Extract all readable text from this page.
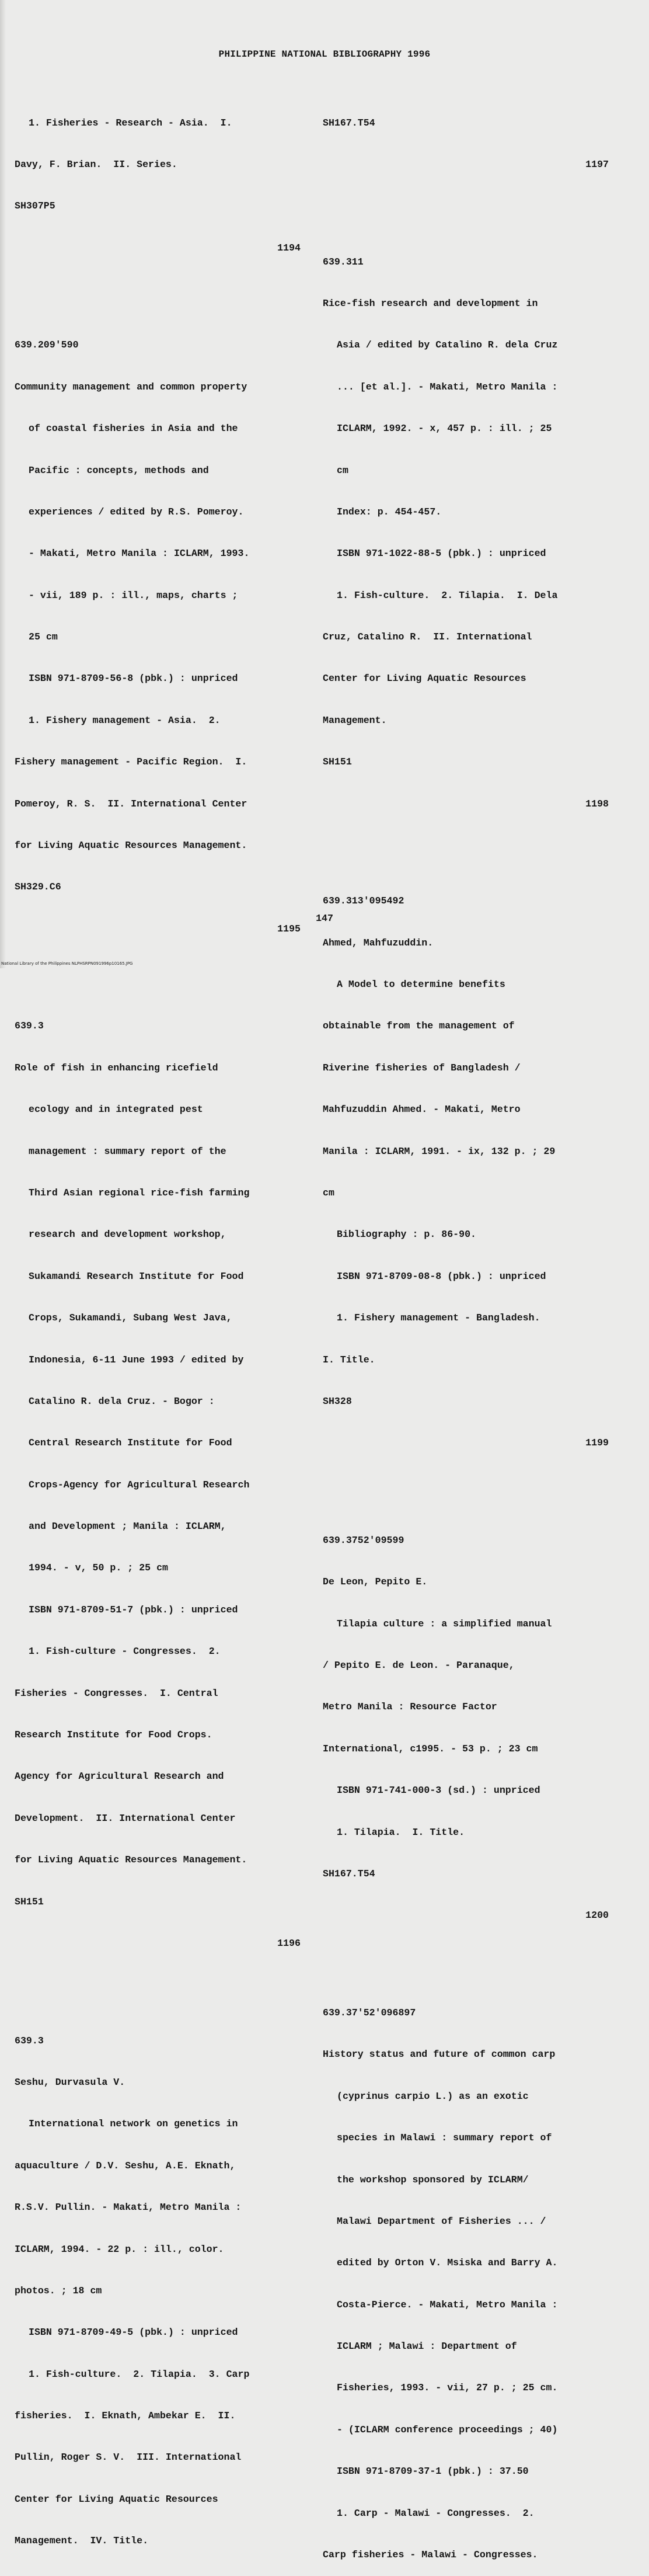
PHILIPPINE NATIONAL BIBLIOGRAPHY 1996

1. Fisheries - Research - Asia.  I.

Davy, F. Brian.  II. Series.

SH307P5

1194

639.209'590

Community management and common property

of coastal fisheries in Asia and the

Pacific : concepts, methods and

experiences / edited by R.S. Pomeroy.

- Makati, Metro Manila : ICLARM, 1993.

- vii, 189 p. : ill., maps, charts ;

25 cm

ISBN 971-8709-56-8 (pbk.) : unpriced

1. Fishery management - Asia.  2.

Fishery management - Pacific Region.  I.

Pomeroy, R. S.  II. International Center

for Living Aquatic Resources Management.

SH329.C6

1195

639.3

Role of fish in enhancing ricefield

ecology and in integrated pest

management : summary report of the

Third Asian regional rice-fish farming

research and development workshop,

Sukamandi Research Institute for Food

Crops, Sukamandi, Subang West Java,

Indonesia, 6-11 June 1993 / edited by

Catalino R. dela Cruz. - Bogor :

Central Research Institute for Food

Crops-Agency for Agricultural Research

and Development ; Manila : ICLARM,

1994. - v, 50 p. ; 25 cm

ISBN 971-8709-51-7 (pbk.) : unpriced

1. Fish-culture - Congresses.  2.

Fisheries - Congresses.  I. Central

Research Institute for Food Crops.

Agency for Agricultural Research and

Development.  II. International Center

for Living Aquatic Resources Management.

SH151

1196

639.3

Seshu, Durvasula V.

International network on genetics in

aquaculture / D.V. Seshu, A.E. Eknath,

R.S.V. Pullin. - Makati, Metro Manila :

ICLARM, 1994. - 22 p. : ill., color.

photos. ; 18 cm

ISBN 971-8709-49-5 (pbk.) : unpriced

1. Fish-culture.  2. Tilapia.  3. Carp

fisheries.  I. Eknath, Ambekar E.  II.

Pullin, Roger S. V.  III. International

Center for Living Aquatic Resources

Management.  IV. Title.

SH167.T54

1197

639.311

Rice-fish research and development in

Asia / edited by Catalino R. dela Cruz

... [et al.]. - Makati, Metro Manila :

ICLARM, 1992. - x, 457 p. : ill. ; 25

cm

Index: p. 454-457.

ISBN 971-1022-88-5 (pbk.) : unpriced

1. Fish-culture.  2. Tilapia.  I. Dela

Cruz, Catalino R.  II. International

Center for Living Aquatic Resources

Management.

SH151

1198

639.313'095492

Ahmed, Mahfuzuddin.

A Model to determine benefits

obtainable from the management of

Riverine fisheries of Bangladesh /

Mahfuzuddin Ahmed. - Makati, Metro

Manila : ICLARM, 1991. - ix, 132 p. ; 29

cm

Bibliography : p. 86-90.

ISBN 971-8709-08-8 (pbk.) : unpriced

1. Fishery management - Bangladesh.

I. Title.

SH328

1199

639.3752'09599

De Leon, Pepito E.

Tilapia culture : a simplified manual

/ Pepito E. de Leon. - Paranaque,

Metro Manila : Resource Factor

International, c1995. - 53 p. ; 23 cm

ISBN 971-741-000-3 (sd.) : unpriced

1. Tilapia.  I. Title.

SH167.T54

1200

639.37'52'096897

History status and future of common carp

(cyprinus carpio L.) as an exotic

species in Malawi : summary report of

the workshop sponsored by ICLARM/

Malawi Department of Fisheries ... /

edited by Orton V. Msiska and Barry A.

Costa-Pierce. - Makati, Metro Manila :

ICLARM ; Malawi : Department of

Fisheries, 1993. - vii, 27 p. ; 25 cm.

- (ICLARM conference proceedings ; 40)

ISBN 971-8709-37-1 (pbk.) : 37.50

1. Carp - Malawi - Congresses.  2.

Carp fisheries - Malawi - Congresses.

147
National Library of the Philippines NLPHSRPN091996p10165.JPG
